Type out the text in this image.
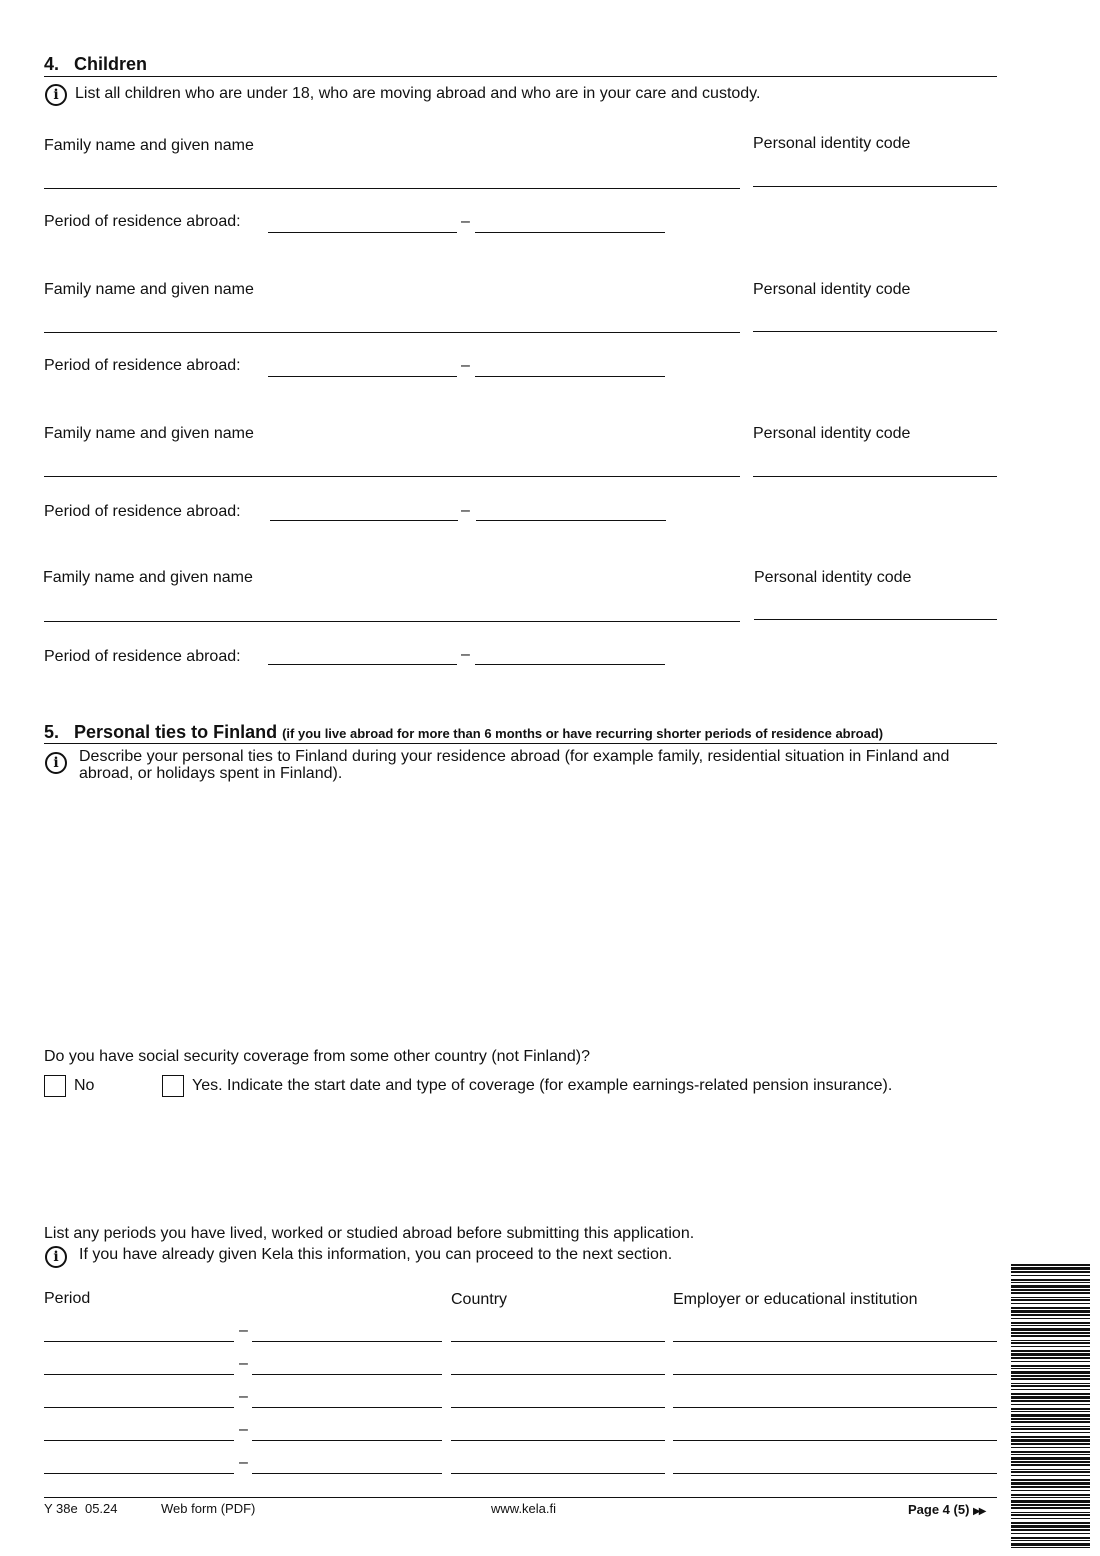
4. Children
i	List all children who are under 18, who are moving abroad and who are in your care and custody.
Family name and given name	Personal identity code
Period of residence abroad:	–
Family name and given name	Personal identity code
Period of residence abroad:	–
Family name and given name	Personal identity code
Period of residence abroad:	–
Family name and given name	Personal identity code
Period of residence abroad:	–
5. Personal ties to Finland (if you live abroad for more than 6 months or have recurring shorter periods of residence abroad)
i	Describe your personal ties to Finland during your residence abroad (for example family, residential situation in Finland and
abroad, or holidays spent in Finland).
Do you have social security coverage from some other country (not Finland)?
No	Yes. Indicate the start date and type of coverage (for example earnings-related pension insurance).
List any periods you have lived, worked or studied abroad before submitting this application.
i	If you have already given Kela this information, you can proceed to the next section.
Period	Country	Employer or educational institution
–
–
–
–
–
Y 38e  05.24	Web form (PDF)	www.kela.fi	Page 4 (5) ▶▶
